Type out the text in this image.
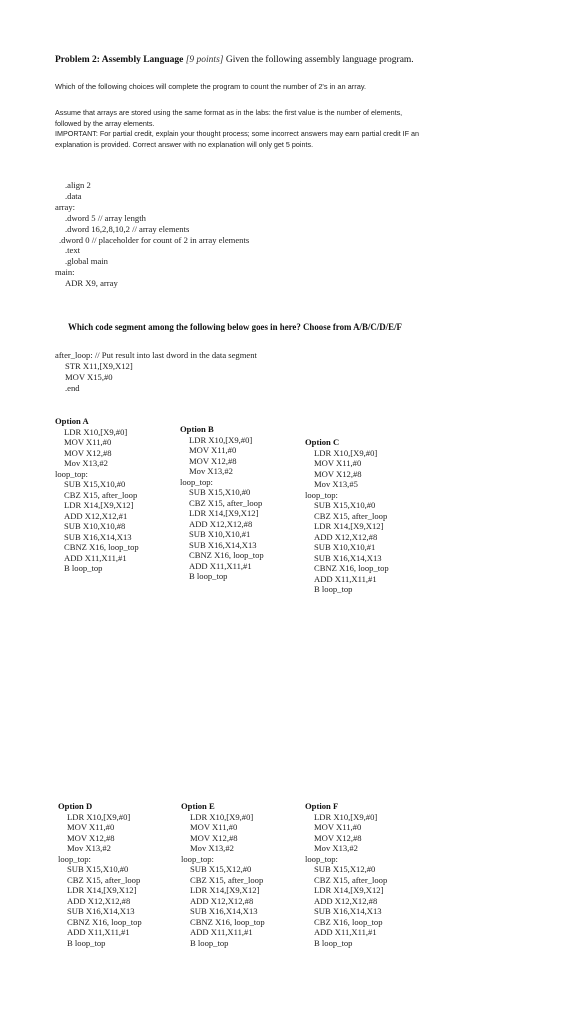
Problem 2: Assembly Language [9 points] Given the following assembly language program.
Which of the following choices will complete the program to count the number of 2's in an array.
Assume that arrays are stored using the same format as in the labs: the first value is the number of elements,
followed by the array elements.
IMPORTANT: For partial credit, explain your thought process; some incorrect answers may earn partial credit IF an
explanation is provided. Correct answer with no explanation will only get 5 points.
.align 2
.data
array:
.dword 5 // array length
.dword 16,2,8,10,2 // array elements
.dword 0 // placeholder for count of 2 in array elements
.text
.global main
main:
ADR X9, array
Which code segment among the following below goes in here? Choose from A/B/C/D/E/F
after_loop: // Put result into last dword in the data segment
STR X11,[X9,X12]
MOV X15,#0
.end
Option A
LDR X10,[X9,#0]
MOV X11,#0
MOV X12,#8
Mov X13,#2
loop_top:
SUB X15,X10,#0
CBZ X15, after_loop
LDR X14,[X9,X12]
ADD X12,X12,#1
SUB X10,X10,#8
SUB X16,X14,X13
CBNZ X16, loop_top
ADD X11,X11,#1
B loop_top
Option B
LDR X10,[X9,#0]
MOV X11,#0
MOV X12,#8
Mov X13,#2
loop_top:
SUB X15,X10,#0
CBZ X15, after_loop
LDR X14,[X9,X12]
ADD X12,X12,#8
SUB X10,X10,#1
SUB X16,X14,X13
CBNZ X16, loop_top
ADD X11,X11,#1
B loop_top
Option C
LDR X10,[X9,#0]
MOV X11,#0
MOV X12,#8
Mov X13,#5
loop_top:
SUB X15,X10,#0
CBZ X15, after_loop
LDR X14,[X9,X12]
ADD X12,X12,#8
SUB X10,X10,#1
SUB X16,X14,X13
CBNZ X16, loop_top
ADD X11,X11,#1
B loop_top
Option D
LDR X10,[X9,#0]
MOV X11,#0
MOV X12,#8
Mov X13,#2
loop_top:
SUB X15,X10,#0
CBZ X15, after_loop
LDR X14,[X9,X12]
ADD X12,X12,#8
SUB X16,X14,X13
CBNZ X16, loop_top
ADD X11,X11,#1
B loop_top
Option E
LDR X10,[X9,#0]
MOV X11,#0
MOV X12,#8
Mov X13,#2
loop_top:
SUB X15,X12,#0
CBZ X15, after_loop
LDR X14,[X9,X12]
ADD X12,X12,#8
SUB X16,X14,X13
CBNZ X16, loop_top
ADD X11,X11,#1
B loop_top
Option F
LDR X10,[X9,#0]
MOV X11,#0
MOV X12,#8
Mov X13,#2
loop_top:
SUB X15,X12,#0
CBZ X15, after_loop
LDR X14,[X9,X12]
ADD X12,X12,#8
SUB X16,X14,X13
CBZ X16, loop_top
ADD X11,X11,#1
B loop_top
